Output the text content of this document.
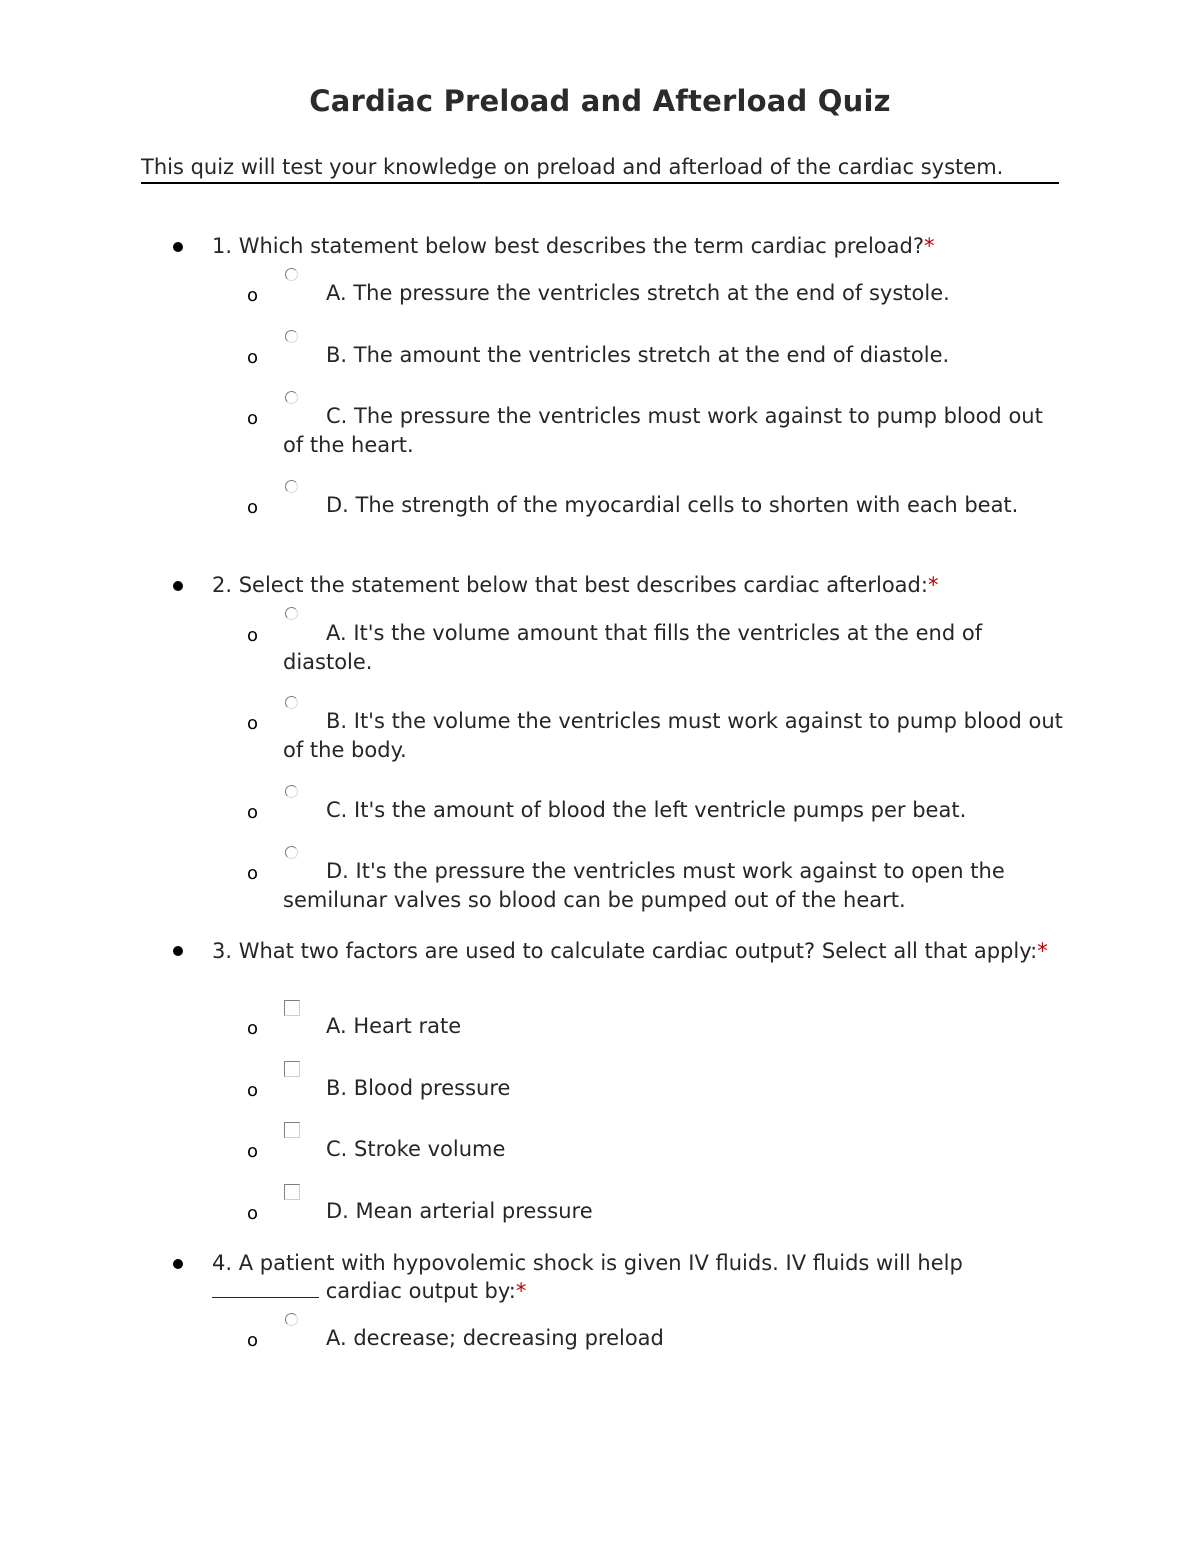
Cardiac Preload and Afterload Quiz
This quiz will test your knowledge on preload and afterload of the cardiac system.
1. Which statement below best describes the term cardiac preload?*
o	A. The pressure the ventricles stretch at the end of systole.
o	B. The amount the ventricles stretch at the end of diastole.
o	C. The pressure the ventricles must work against to pump blood out of the heart.
o	D. The strength of the myocardial cells to shorten with each beat.
2. Select the statement below that best describes cardiac afterload:*
o	A. It's the volume amount that fills the ventricles at the end of diastole.
o	B. It's the volume the ventricles must work against to pump blood out of the body.
o	C. It's the amount of blood the left ventricle pumps per beat.
o	D. It's the pressure the ventricles must work against to open the semilunar valves so blood can be pumped out of the heart.
3. What two factors are used to calculate cardiac output? Select all that apply:*
o	A. Heart rate
o	B. Blood pressure
o	C. Stroke volume
o	D. Mean arterial pressure
4. A patient with hypovolemic shock is given IV fluids. IV fluids will help  cardiac output by:*
o	A. decrease; decreasing preload
